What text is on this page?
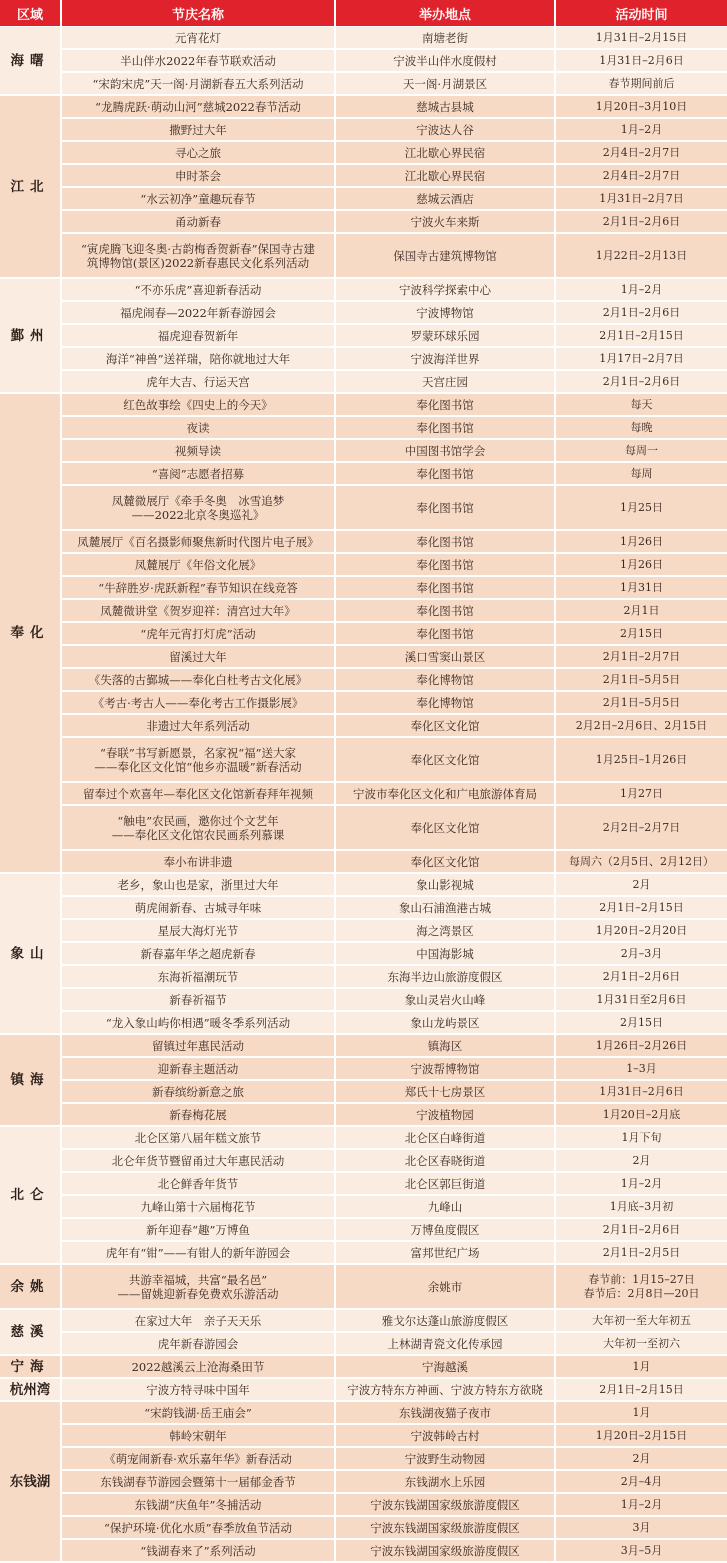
区域	节庆名称	举办地点	活动时间
海曙	元宵花灯	南塘老街	1月31日–2月15日
	半山伴水2022年春节联欢活动	宁波半山伴水度假村	1月31日–2月6日
	“宋韵宋虎”天一阁·月湖新春五大系列活动	天一阁·月湖景区	春节期间前后
江北	“龙腾虎跃·萌动山河”慈城2022春节活动	慈城古县城	1月20日–3月10日
	撒野过大年	宁波达人谷	1月–2月
	寻心之旅	江北歇心界民宿	2月4日–2月7日
	申时茶会	江北歇心界民宿	2月4日–2月7日
	“水云初净”童趣玩春节	慈城云酒店	1月31日–2月7日
	甬动新春	宁波火车来斯	2月1日–2月6日
	“寅虎腾飞迎冬奥·古韵梅香贺新春”保国寺古建
筑博物馆(景区)2022新春惠民文化系列活动	保国寺古建筑博物馆	1月22日–2月13日
鄞州	“不亦乐虎”喜迎新春活动	宁波科学探索中心	1月–2月
	福虎闹春—2022年新春游园会	宁波博物馆	2月1日–2月6日
	福虎迎春贺新年	罗蒙环球乐园	2月1日–2月15日
	海洋“神兽”送祥瑞，陪你就地过大年	宁波海洋世界	1月17日–2月7日
	虎年大吉、行运天宫	天宫庄园	2月1日–2月6日
奉化	红色故事绘《四史上的今天》	奉化图书馆	每天
	夜读	奉化图书馆	每晚
	视频导读	中国图书馆学会	每周一
	“喜阅”志愿者招募	奉化图书馆	每周
	凤麓微展厅《牵手冬奥　冰雪追梦
——2022北京冬奥巡礼》	奉化图书馆	1月25日
	凤麓展厅《百名摄影师聚焦新时代图片电子展》	奉化图书馆	1月26日
	凤麓展厅《年俗文化展》	奉化图书馆	1月26日
	“牛辞胜岁·虎跃新程”春节知识在线竞答	奉化图书馆	1月31日
	凤麓微讲堂《贺岁迎祥：清宫过大年》	奉化图书馆	2月1日
	“虎年元宵打灯虎”活动	奉化图书馆	2月15日
	留溪过大年	溪口雪窦山景区	2月1日–2月7日
	《失落的古鄞城——奉化白杜考古文化展》	奉化博物馆	2月1日–5月5日
	《考古·考古人——奉化考古工作摄影展》	奉化博物馆	2月1日–5月5日
	非遗过大年系列活动	奉化区文化馆	2月2日–2月6日、2月15日
	“春联”书写新愿景，名家祝“福”送大家
——奉化区文化馆“他乡亦温暖”新春活动	奉化区文化馆	1月25日–1月26日
	留奉过个欢喜年—奉化区文化馆新春拜年视频	宁波市奉化区文化和广电旅游体育局	1月27日
	“触电”农民画，邀你过个文艺年
——奉化区文化馆农民画系列慕课	奉化区文化馆	2月2日–2月7日
	奉小布讲非遗	奉化区文化馆	每周六（2月5日、2月12日）
象山	老乡，象山也是家，浙里过大年	象山影视城	2月
	萌虎闹新春、古城寻年味	象山石浦渔港古城	2月1日–2月15日
	星辰大海灯光节	海之湾景区	1月20日–2月20日
	新春嘉年华之超虎新春	中国海影城	2月–3月
	东海祈福潮玩节	东海半边山旅游度假区	2月1日–2月6日
	新春祈福节	象山灵岩火山峰	1月31日至2月6日
	“龙入象山屿你相遇”暖冬季系列活动	象山龙屿景区	2月15日
镇海	留镇过年惠民活动	镇海区	1月26日–2月26日
	迎新春主题活动	宁波帮博物馆	1–3月
	新春缤纷新意之旅	郑氏十七房景区	1月31日–2月6日
	新春梅花展	宁波植物园	1月20日–2月底
北仑	北仑区第八届年糕文旅节	北仑区白峰街道	1月下旬
	北仑年货节暨留甬过大年惠民活动	北仑区春晓街道	2月
	北仑鲜香年货节	北仑区郭巨街道	1月–2月
	九峰山第十六届梅花节	九峰山	1月底–3月初
	新年迎春“趣”万博鱼	万博鱼度假区	2月1日–2月6日
	虎年有“钳”——有钳人的新年游园会	富邦世纪广场	2月1日–2月5日
余姚	共游幸福城，共富“最名邑”
——留姚迎新春免费欢乐游活动	余姚市	春节前：1月15–27日
春节后：2月8日—20日
慈溪	在家过大年　亲子天天乐	雅戈尔达蓬山旅游度假区	大年初一至大年初五
	虎年新春游园会	上林湖青瓷文化传承园	大年初一至初六
宁海	2022越溪云上沧海桑田节	宁海越溪	1月
杭州湾	宁波方特寻味中国年	宁波方特东方神画、宁波方特东方欲晓	2月1日–2月15日
东钱湖	“宋韵钱湖·岳王庙会”	东钱湖夜猫子夜市	1月
	韩岭宋朝年	宁波韩岭古村	1月20日–2月15日
	《萌宠闹新春·欢乐嘉年华》新春活动	宁波野生动物园	2月
	东钱湖春节游园会暨第十一届郁金香节	东钱湖水上乐园	2月–4月
	东钱湖“庆鱼年”冬捕活动	宁波东钱湖国家级旅游度假区	1月–2月
	“保护环境·优化水质”春季放鱼节活动	宁波东钱湖国家级旅游度假区	3月
	“钱湖春来了”系列活动	宁波东钱湖国家级旅游度假区	3月–5月
